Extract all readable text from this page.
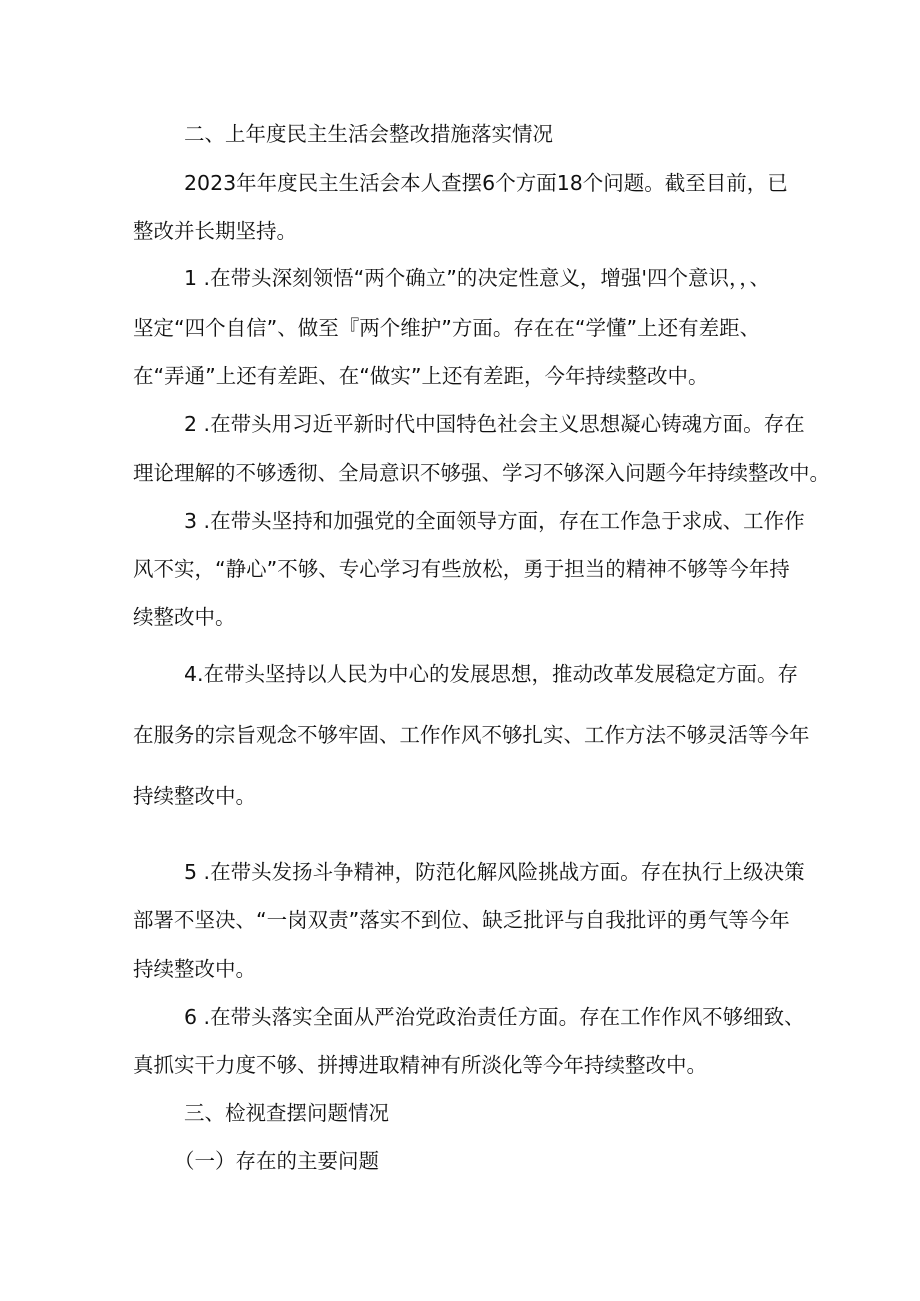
二、上年度民主生活会整改措施落实情况
2023年年度民主生活会本人查摆6个方面18个问题。截至目前，已
整改并长期坚持。
1 .在带头深刻领悟“两个确立”的决定性意义，增强'四个意识，，、
坚定“四个自信”、做至『两个维护”方面。存在在“学懂”上还有差距、
在“弄通”上还有差距、在“做实”上还有差距，今年持续整改中。
2 .在带头用习近平新时代中国特色社会主义思想凝心铸魂方面。存在
理论理解的不够透彻、全局意识不够强、学习不够深入问题今年持续整改中。
3 .在带头坚持和加强党的全面领导方面，存在工作急于求成、工作作
风不实，“静心”不够、专心学习有些放松，勇于担当的精神不够等今年持
续整改中。
4.在带头坚持以人民为中心的发展思想，推动改革发展稳定方面。存
在服务的宗旨观念不够牢固、工作作风不够扎实、工作方法不够灵活等今年
持续整改中。
5 .在带头发扬斗争精神，防范化解风险挑战方面。存在执行上级决策
部署不坚决、“一岗双责”落实不到位、缺乏批评与自我批评的勇气等今年
持续整改中。
6 .在带头落实全面从严治党政治责任方面。存在工作作风不够细致、
真抓实干力度不够、拼搏进取精神有所淡化等今年持续整改中。
三、检视查摆问题情况
（一）存在的主要问题
